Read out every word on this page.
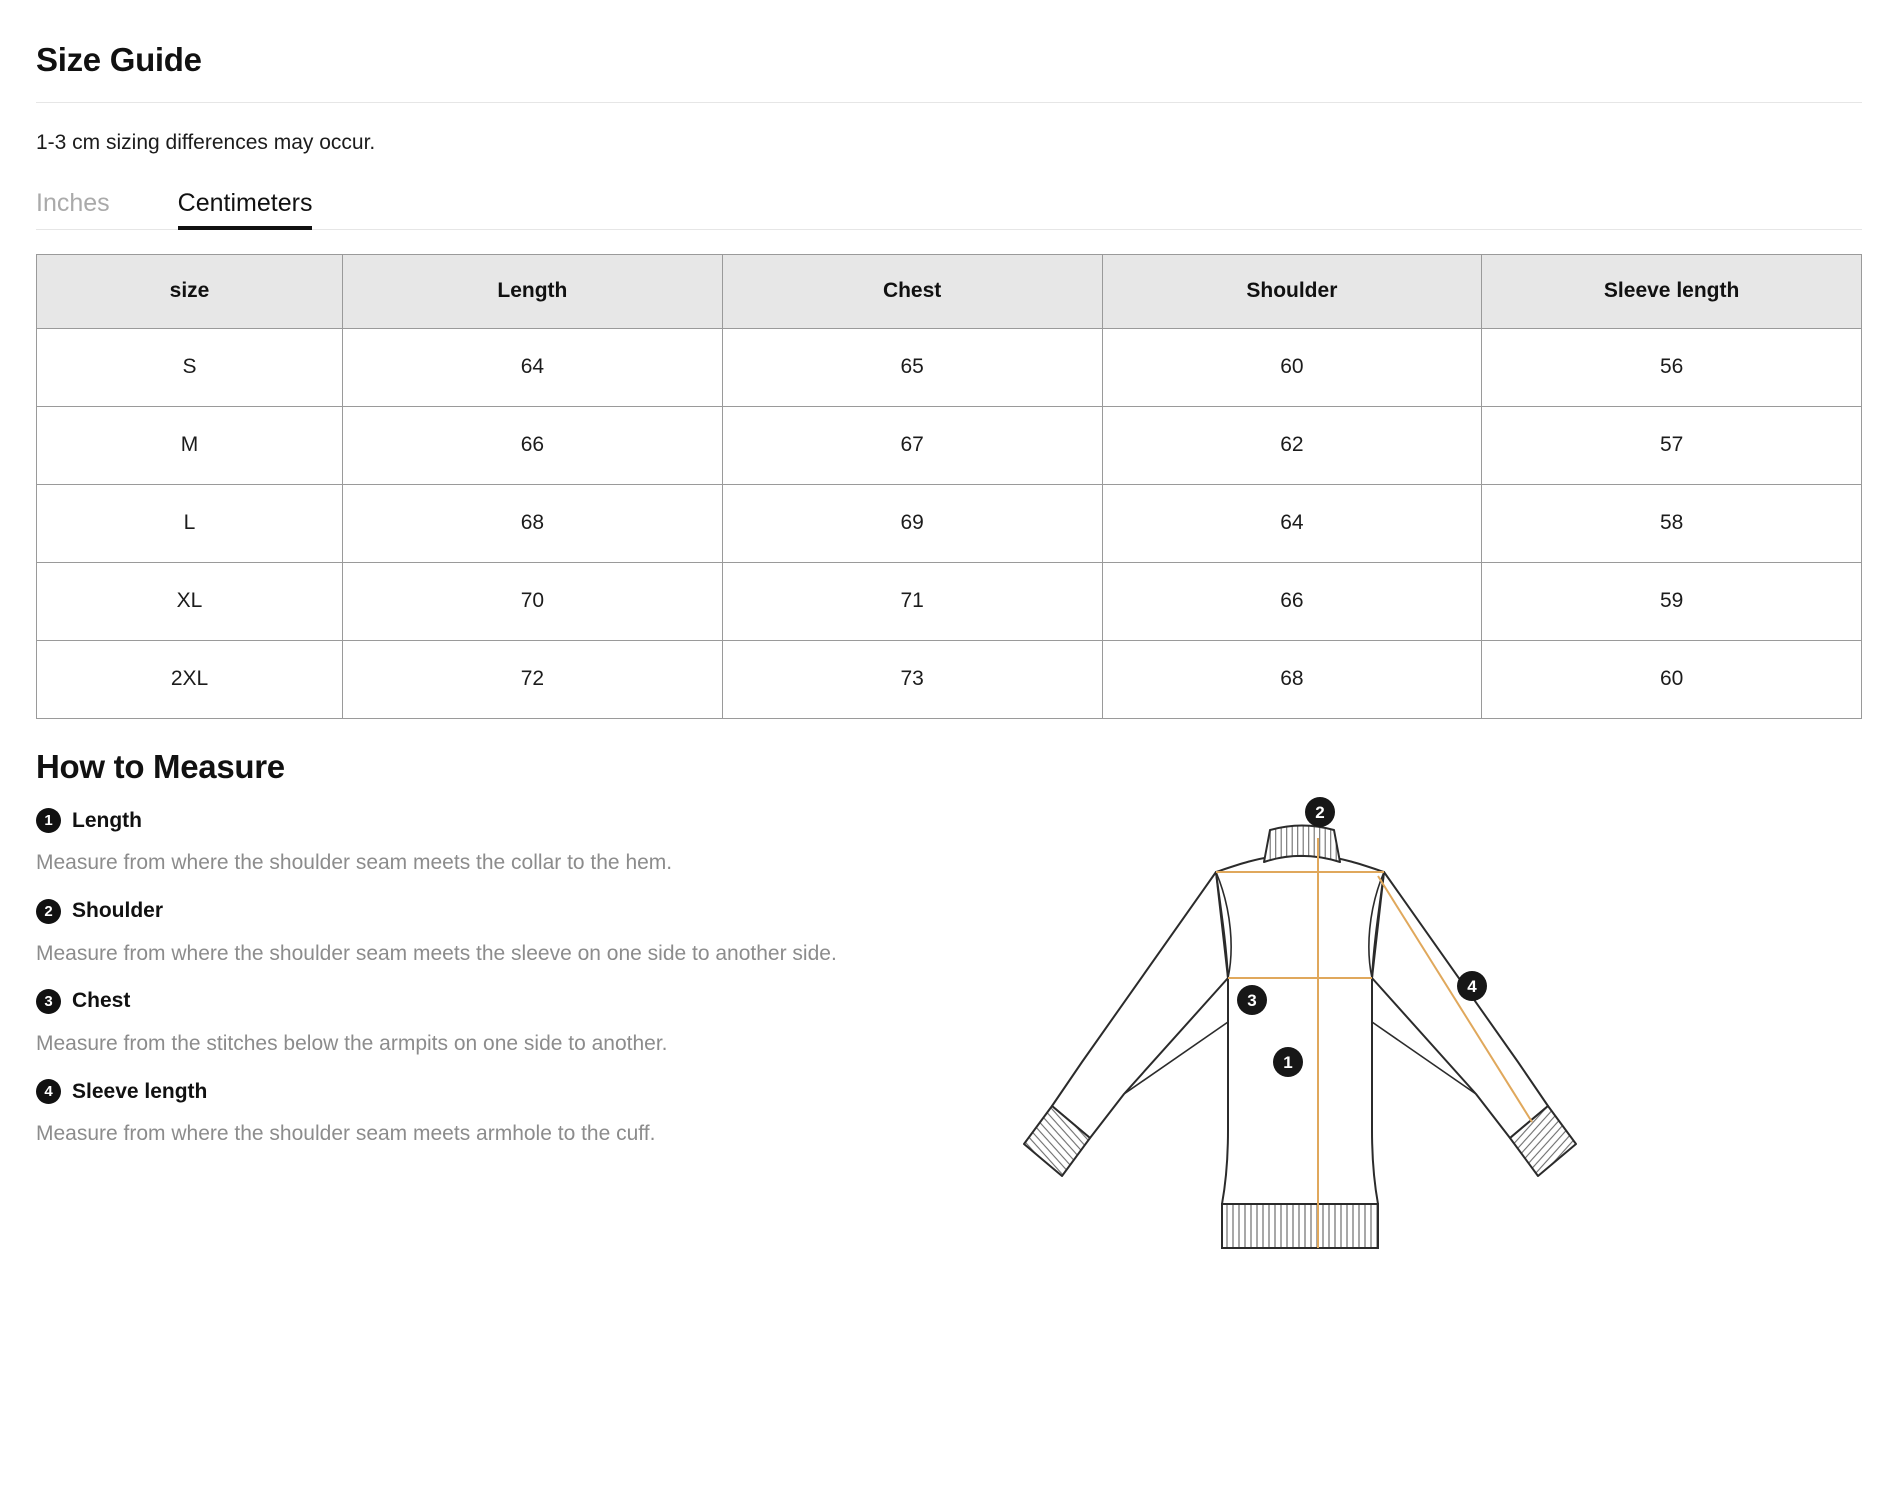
Size Guide
1-3 cm sizing differences may occur.
Inches	Centimeters
size	Length	Chest	Shoulder	Sleeve length
S	64	65	60	56
M	66	67	62	57
L	68	69	64	58
XL	70	71	66	59
2XL	72	73	68	60
How to Measure
1 Length
Measure from where the shoulder seam meets the collar to the hem.
2 Shoulder
Measure from where the shoulder seam meets the sleeve on one side to another side.
3 Chest
Measure from the stitches below the armpits on one side to another.
4 Sleeve length
Measure from where the shoulder seam meets armhole to the cuff.
2
3
1
4
